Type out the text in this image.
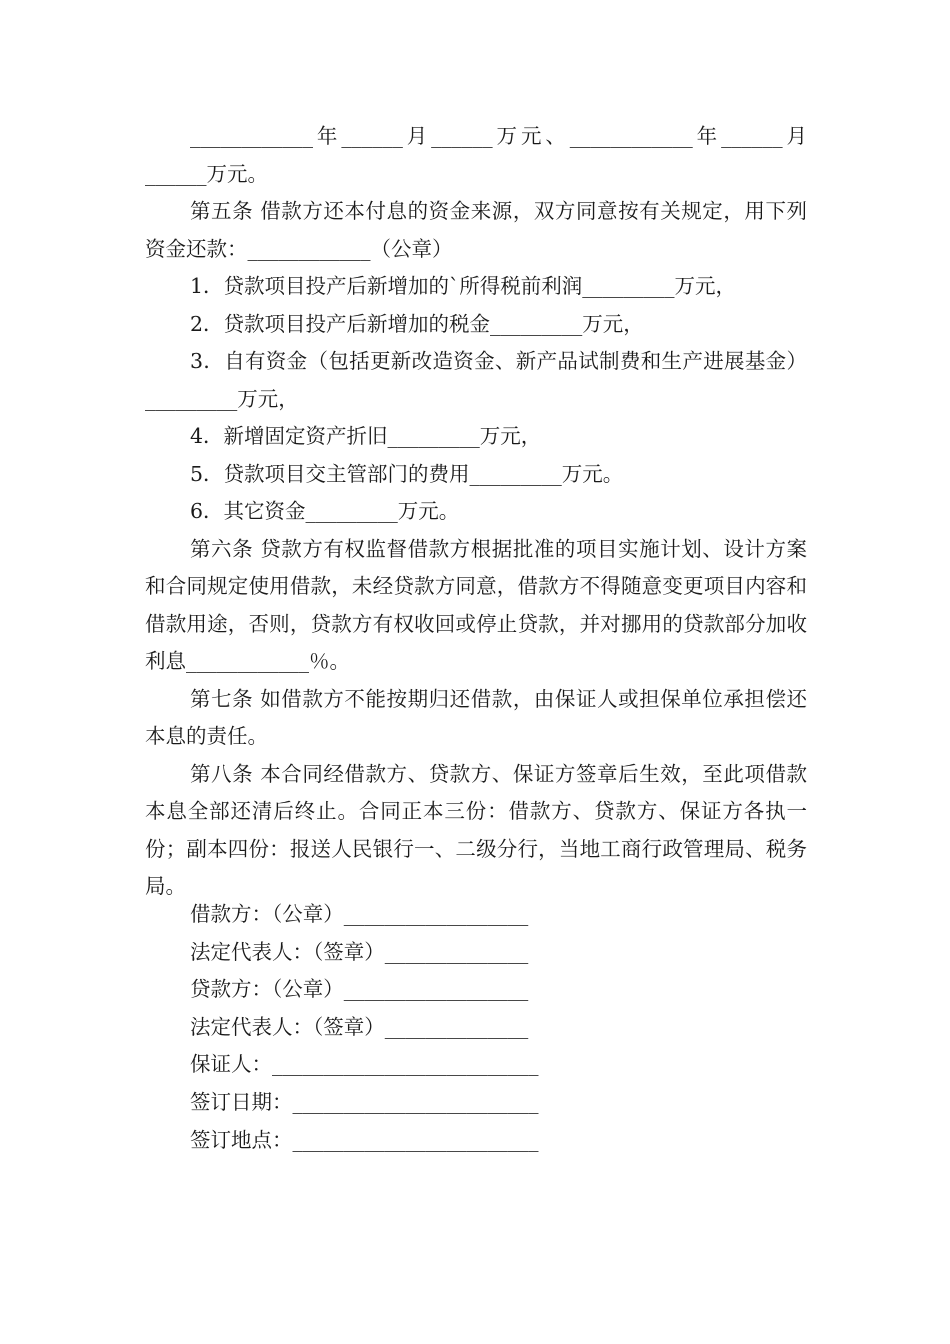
____________年______月______万元、____________年______月______万元。

第五条 借款方还本付息的资金来源，双方同意按有关规定，用下列资金还款：____________（公章）

1．贷款项目投产后新增加的`所得税前利润_________万元，

2．贷款项目投产后新增加的税金_________万元，

3．自有资金（包括更新改造资金、新产品试制费和生产进展基金）_________万元，

4．新增固定资产折旧_________万元，

5．贷款项目交主管部门的费用_________万元。

6．其它资金_________万元。

第六条 贷款方有权监督借款方根据批准的项目实施计划、设计方案和合同规定使用借款，未经贷款方同意，借款方不得随意变更项目内容和借款用途，否则，贷款方有权收回或停止贷款，并对挪用的贷款部分加收利息____________％。

第七条 如借款方不能按期归还借款，由保证人或担保单位承担偿还本息的责任。

第八条 本合同经借款方、贷款方、保证方签章后生效，至此项借款本息全部还清后终止。合同正本三份：借款方、贷款方、保证方各执一份；副本四份：报送人民银行一、二级分行，当地工商行政管理局、税务局。

借款方：（公章）__________________

法定代表人：（签章）______________

贷款方：（公章）__________________

法定代表人：（签章）______________

保证人：__________________________

签订日期：________________________

签订地点：________________________
